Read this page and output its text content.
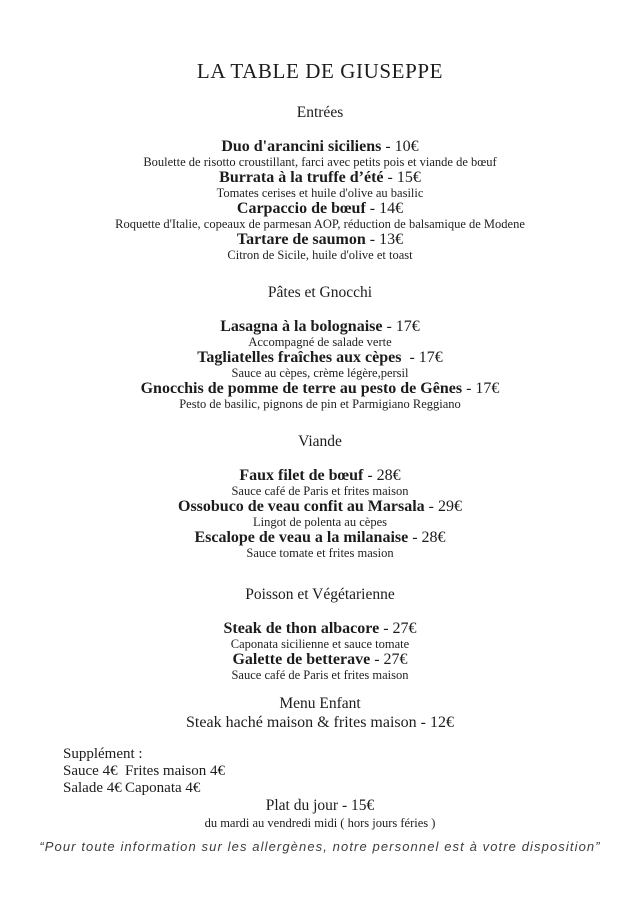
LA TABLE DE GIUSEPPE
Entrées
Duo d'arancini siciliens - 10€
Boulette de risotto croustillant, farci avec petits pois et viande de bœuf
Burrata à la truffe d’été - 15€
Tomates cerises et huile d'olive au basilic
Carpaccio de bœuf - 14€
Roquette d'Italie, copeaux de parmesan AOP, réduction de balsamique de Modene
Tartare de saumon - 13€
Citron de Sicile, huile d'olive et toast
Pâtes et Gnocchi
Lasagna à la bolognaise - 17€
Accompagné de salade verte
Tagliatelles fraîches aux cèpes  - 17€
Sauce au cèpes, crème légère,persil
Gnocchis de pomme de terre au pesto de Gênes - 17€
Pesto de basilic, pignons de pin et Parmigiano Reggiano
Viande
Faux filet de bœuf - 28€
Sauce café de Paris et frites maison
Ossobuco de veau confit au Marsala - 29€
Lingot de polenta au cèpes
Escalope de veau a la milanaise - 28€
Sauce tomate et frites masion
Poisson et Végétarienne
Steak de thon albacore - 27€
Caponata sicilienne et sauce tomate
Galette de betterave - 27€
Sauce café de Paris et frites maison
Menu Enfant
Steak haché maison & frites maison - 12€
Supplément :
Sauce 4€ Frites maison 4€
Salade 4€ Caponata 4€
Plat du jour - 15€
du mardi au vendredi midi ( hors jours féries )
“Pour toute information sur les allergènes, notre personnel est à votre disposition”
